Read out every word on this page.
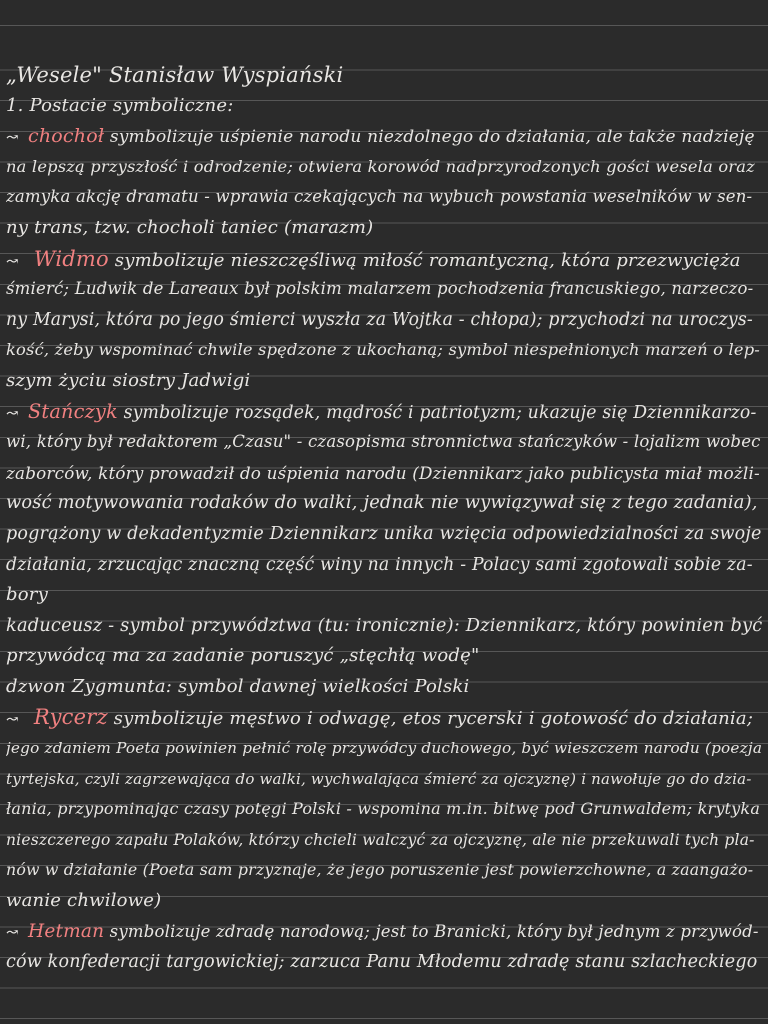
„Wesele" Stanisław Wyspiański
1. Postacie symboliczne:
↝ chochoł symbolizuje uśpienie narodu niezdolnego do działania, ale także nadzieję
na lepszą przyszłość i odrodzenie; otwiera korowód nadprzyrodzonych gości wesela oraz
zamyka akcję dramatu - wprawia czekających na wybuch powstania weselników w sen-
ny trans, tzw. chocholi taniec (marazm)
↝ Widmo symbolizuje nieszczęśliwą miłość romantyczną, która przezwycięża
śmierć; Ludwik de Lareaux był polskim malarzem pochodzenia francuskiego, narzeczo-
ny Marysi, która po jego śmierci wyszła za Wojtka - chłopa); przychodzi na uroczys-
kość, żeby wspominać chwile spędzone z ukochaną; symbol niespełnionych marzeń o lep-
szym życiu siostry Jadwigi
↝ Stańczyk symbolizuje rozsądek, mądrość i patriotyzm; ukazuje się Dziennikarzo-
wi, który był redaktorem „Czasu" - czasopisma stronnictwa stańczyków - lojalizm wobec
zaborców, który prowadził do uśpienia narodu (Dziennikarz jako publicysta miał możli-
wość motywowania rodaków do walki, jednak nie wywiązywał się z tego zadania),
pogrążony w dekadentyzmie Dziennikarz unika wzięcia odpowiedzialności za swoje
działania, zrzucając znaczną część winy na innych - Polacy sami zgotowali sobie za-
bory
kaduceusz - symbol przywództwa (tu: ironicznie): Dziennikarz, który powinien być
przywódcą ma za zadanie poruszyć „stęchłą wodę"
dzwon Zygmunta: symbol dawnej wielkości Polski
↝ Rycerz symbolizuje męstwo i odwagę, etos rycerski i gotowość do działania;
jego zdaniem Poeta powinien pełnić rolę przywódcy duchowego, być wieszczem narodu (poezja
tyrtejska, czyli zagrzewająca do walki, wychwalająca śmierć za ojczyznę) i nawołuje go do dzia-
łania, przypominając czasy potęgi Polski - wspomina m.in. bitwę pod Grunwaldem; krytyka
nieszczerego zapału Polaków, którzy chcieli walczyć za ojczyznę, ale nie przekuwali tych pla-
nów w działanie (Poeta sam przyznaje, że jego poruszenie jest powierzchowne, a zaangażo-
wanie chwilowe)
↝ Hetman symbolizuje zdradę narodową; jest to Branicki, który był jednym z przywód-
ców konfederacji targowickiej; zarzuca Panu Młodemu zdradę stanu szlacheckiego
